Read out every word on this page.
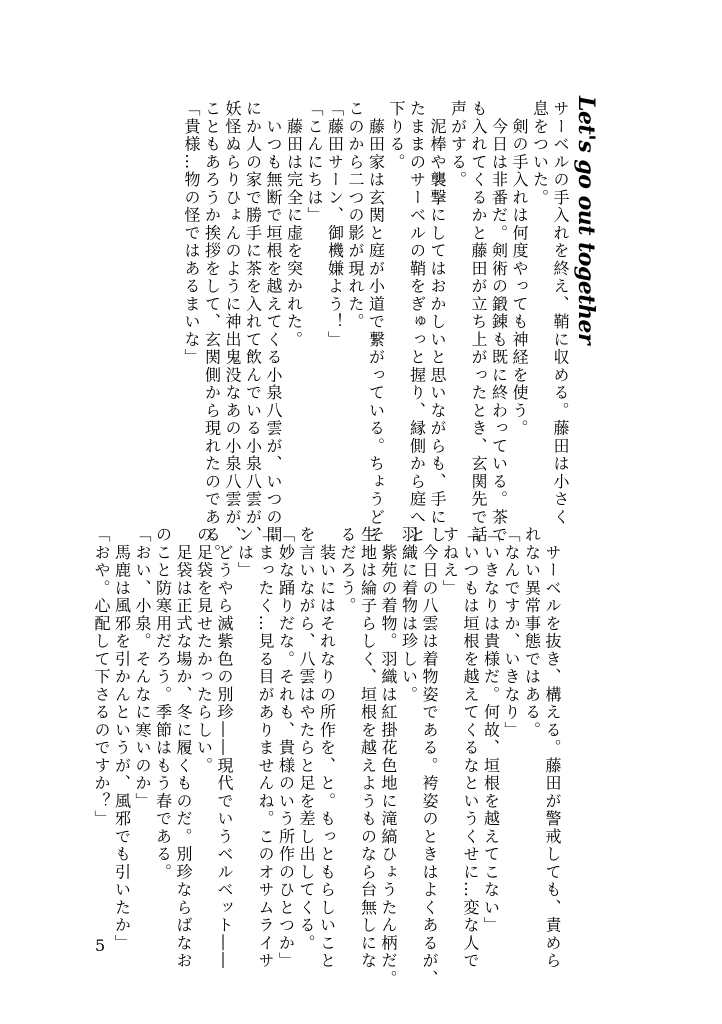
Let's go out together

サーベルの手入れを終え、鞘に収める。藤田は小さく

息をついた。

　剣の手入れは何度やっても神経を使う。

　今日は非番だ。剣術の鍛錬も既に終わっている。茶で

も入れてくるかと藤田が立ち上がったとき、玄関先で話

声がする。

　泥棒や襲撃にしてはおかしいと思いながらも、手にし

たままのサーベルの鞘をぎゅっと握り、縁側から庭へと

下りる。

　藤田家は玄関と庭が小道で繋がっている。ちょうどそ

このから二つの影が現れた。

「藤田サーン、御機嫌よう！」

「こんにちは」

　藤田は完全に虚を突かれた。

　いつも無断で垣根を越えてくる小泉八雲が、いつの間

にか人の家で勝手に茶を入れて飲んでいる小泉八雲が、

妖怪ぬらりひょんのように神出鬼没なあの小泉八雲が、

こともあろうか挨拶をして、玄関側から現れたのである。

「貴様…物の怪ではあるまいな」

　サーベルを抜き、構える。藤田が警戒しても、責めら

れない異常事態ではある。

「なんですか、いきなり」

「いきなりは貴様だ。何故、垣根を越えてこない」

「いつもは垣根を越えてくるなというくせに…変な人で

すねえ」

　今日の八雲は着物姿である。袴姿のときはよくあるが、

羽織に着物は珍しい。

　紫苑の着物。羽織は紅掛花色地に滝縞ひょうたん柄だ。

生地は綸子らしく、垣根を越えようものなら台無しにな

るだろう。

　装いにはそれなりの所作を、と。もっともらしいこと

を言いながら、八雲はやたらと足を差し出してくる。

「妙な踊りだな。それも、貴様のいう所作のひとつか」

「まったく…見る目がありませんね。このオサムライサ

ンは」

　どうやら滅紫色の別珍――現代でいうベルベット――

の足袋を見せたかったらしい。

　足袋は正式な場か、冬に履くものだ。別珍ならばなお

のこと防寒用だろう。季節はもう春である。

「おい、小泉。そんなに寒いのか」

　馬鹿は風邪を引かんというが、風邪でも引いたか」

「おや。心配して下さるのですか？」

5
